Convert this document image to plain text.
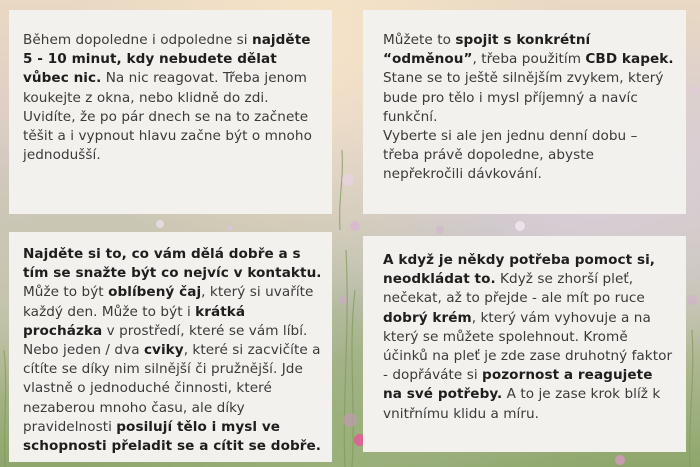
Během dopoledne i odpoledne si najděte 5 - 10 minut, kdy nebudete dělat vůbec nic. Na nic reagovat. Třeba jenom koukejte z okna, nebo klidně do zdi. Uvidíte, že po pár dnech se na to začnete těšit a i vypnout hlavu začne být o mnoho jednodušší.
Můžete to spojit s konkrétní “odměnou”, třeba použitím CBD kapek. Stane se to ještě silnějším zvykem, který bude pro tělo i mysl příjemný a navíc funkční.
Vyberte si ale jen jednu denní dobu – třeba právě dopoledne, abyste nepřekročili dávkování.
Najděte si to, co vám dělá dobře a s tím se snažte být co nejvíc v kontaktu. Může to být oblíbený čaj, který si uvaříte každý den. Může to být i krátká procházka v prostředí, které se vám líbí. Nebo jeden / dva cviky, které si zacvičíte a cítíte se díky nim silnější či pružnější. Jde vlastně o jednoduché činnosti, které nezaberou mnoho času, ale díky pravidelnosti posilují tělo i mysl ve schopnosti přeladit se a cítit se dobře.
A když je někdy potřeba pomoct si, neodkládat to. Když se zhorší pleť, nečekat, až to přejde - ale mít po ruce dobrý krém, který vám vyhovuje a na který se můžete spolehnout. Kromě účinků na pleť je zde zase druhotný faktor - dopřáváte si pozornost a reagujete na své potřeby. A to je zase krok blíž k vnitřnímu klidu a míru.
